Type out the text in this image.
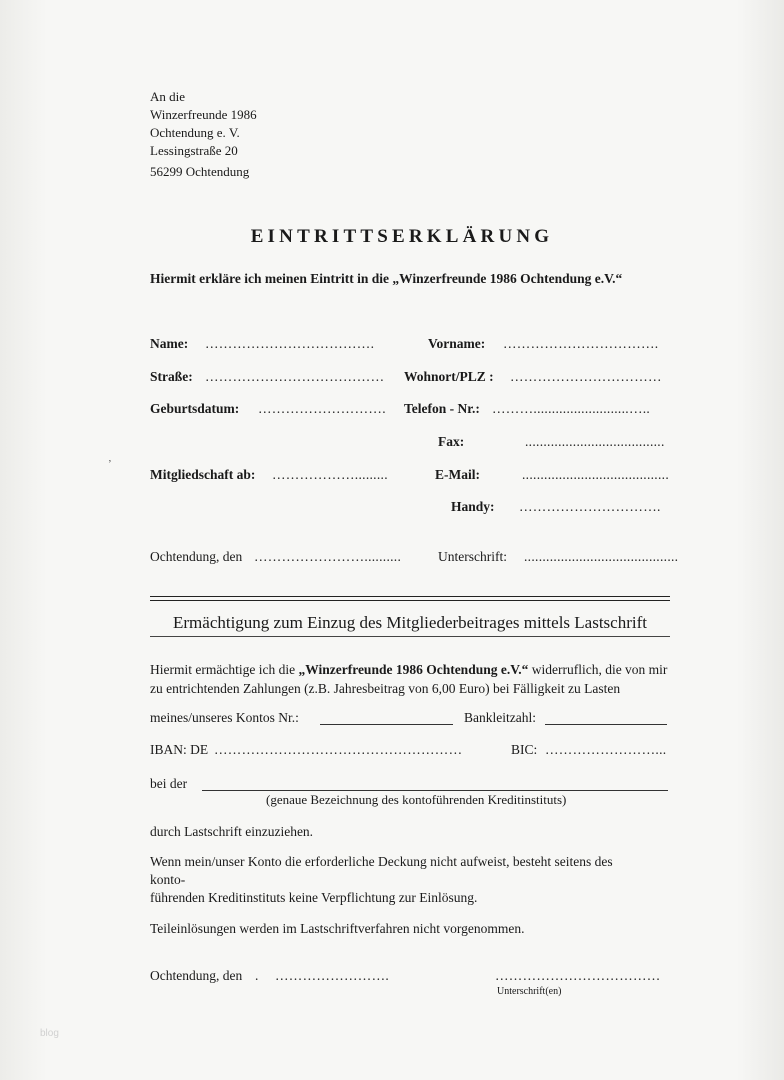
An die
Winzerfreunde 1986
Ochtendung e. V.
Lessingstraße 20
56299 Ochtendung
EINTRITTSERKLÄRUNG
Hiermit erkläre ich meinen Eintritt in die „Winzerfreunde 1986 Ochtendung e.V.“
Name: ……………………………….	Vorname: …………………………….
Straße: ………………………………… Wohnort/PLZ : ……………………………
Geburtsdatum: ………………………. Telefon - Nr.: ………..........................…..
Fax:	......................................
Mitgliedschaft ab: ……………….........	E-Mail:	........................................
Handy: ………………………….
ʼ
Ochtendung, den ……………………..........	Unterschrift: ..........................................
Ermächtigung zum Einzug des Mitgliederbeitrages mittels Lastschrift
Hiermit ermächtige ich die „Winzerfreunde 1986 Ochtendung e.V.“ widerruflich, die von mir zu entrichtenden Zahlungen (z.B. Jahresbeitrag von 6,00 Euro) bei Fälligkeit zu Lasten
meines/unseres Kontos Nr.:	Bankleitzahl:
IBAN: DE ………………………………………………	BIC: ……………………...
bei der
(genaue Bezeichnung des kontoführenden Kreditinstituts)
durch Lastschrift einzuziehen.
Wenn mein/unser Konto die erforderliche Deckung nicht aufweist, besteht seitens des
konto-
führenden Kreditinstituts keine Verpflichtung zur Einlösung.
Teileinlösungen werden im Lastschriftverfahren nicht vorgenommen.
Ochtendung, den . …………………….	………………………………
Unterschrift(en)
blog
